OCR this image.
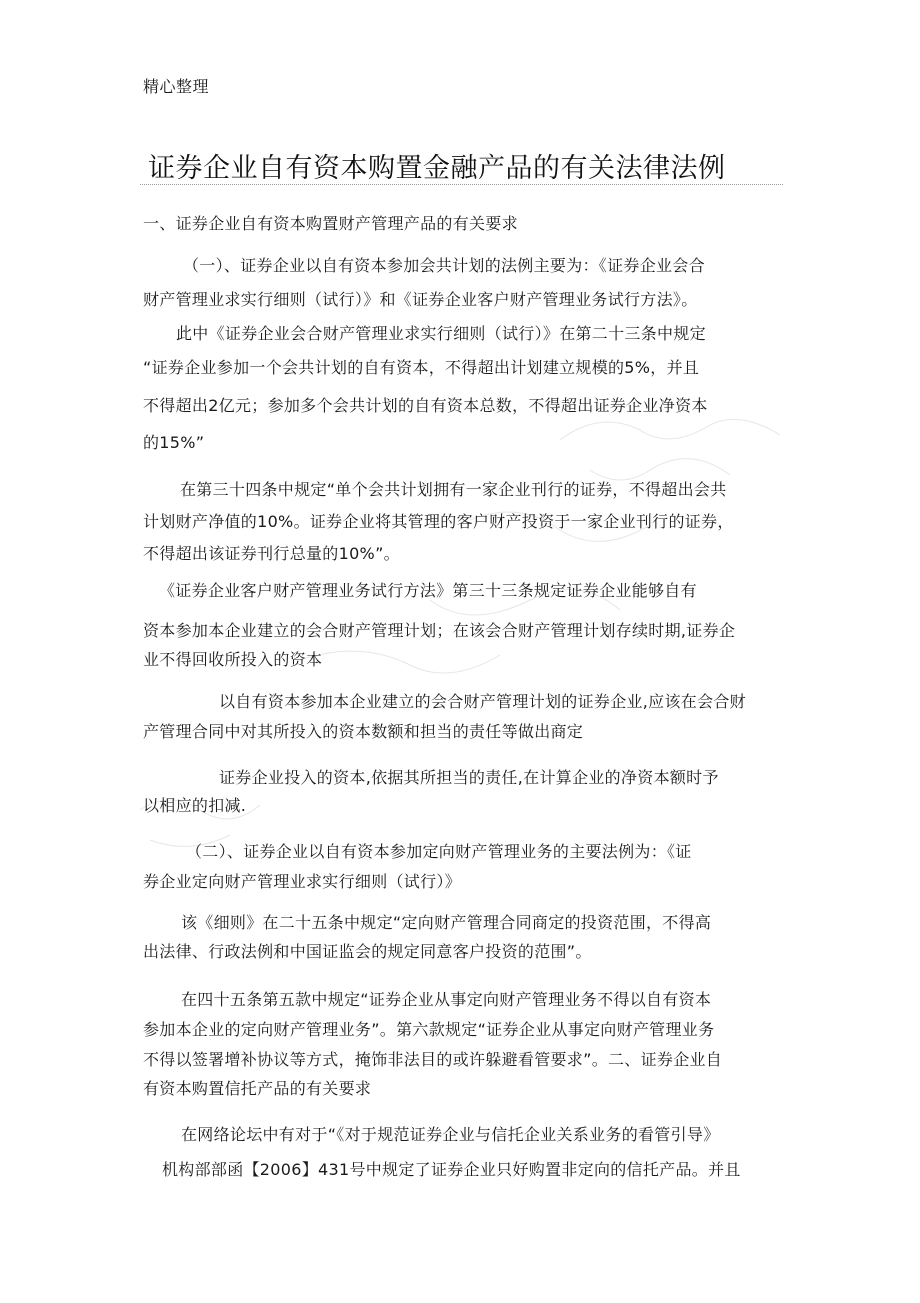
精心整理
证券企业自有资本购置金融产品的有关法律法例
一、证券企业自有资本购置财产管理产品的有关要求
（一）、证券企业以自有资本参加会共计划的法例主要为：《证券企业会合
财产管理业求实行细则（试行）》和《证券企业客户财产管理业务试行方法》。
此中《证券企业会合财产管理业求实行细则（试行）》在第二十三条中规定
“证券企业参加一个会共计划的自有资本，不得超出计划建立规模的5%，并且
不得超出2亿元；参加多个会共计划的自有资本总数，不得超出证券企业净资本
的15%”
在第三十四条中规定“单个会共计划拥有一家企业刊行的证券，不得超出会共
计划财产净值的10%。证券企业将其管理的客户财产投资于一家企业刊行的证券，
不得超出该证券刊行总量的10%”。
《证券企业客户财产管理业务试行方法》第三十三条规定证券企业能够自有
资本参加本企业建立的会合财产管理计划；在该会合财产管理计划存续时期,证券企
业不得回收所投入的资本
以自有资本参加本企业建立的会合财产管理计划的证券企业,应该在会合财
产管理合同中对其所投入的资本数额和担当的责任等做出商定
证券企业投入的资本,依据其所担当的责任,在计算企业的净资本额时予
以相应的扣减.
（二）、证券企业以自有资本参加定向财产管理业务的主要法例为：《证
券企业定向财产管理业求实行细则（试行）》
该《细则》在二十五条中规定“定向财产管理合同商定的投资范围，不得高
出法律、行政法例和中国证监会的规定同意客户投资的范围”。
在四十五条第五款中规定“证券企业从事定向财产管理业务不得以自有资本
参加本企业的定向财产管理业务”。第六款规定“证券企业从事定向财产管理业务
不得以签署增补协议等方式，掩饰非法目的或许躲避看管要求”。二、证券企业自
有资本购置信托产品的有关要求
在网络论坛中有对于“《对于规范证券企业与信托企业关系业务的看管引导》
机构部部函【2006】431号中规定了证券企业只好购置非定向的信托产品。并且
